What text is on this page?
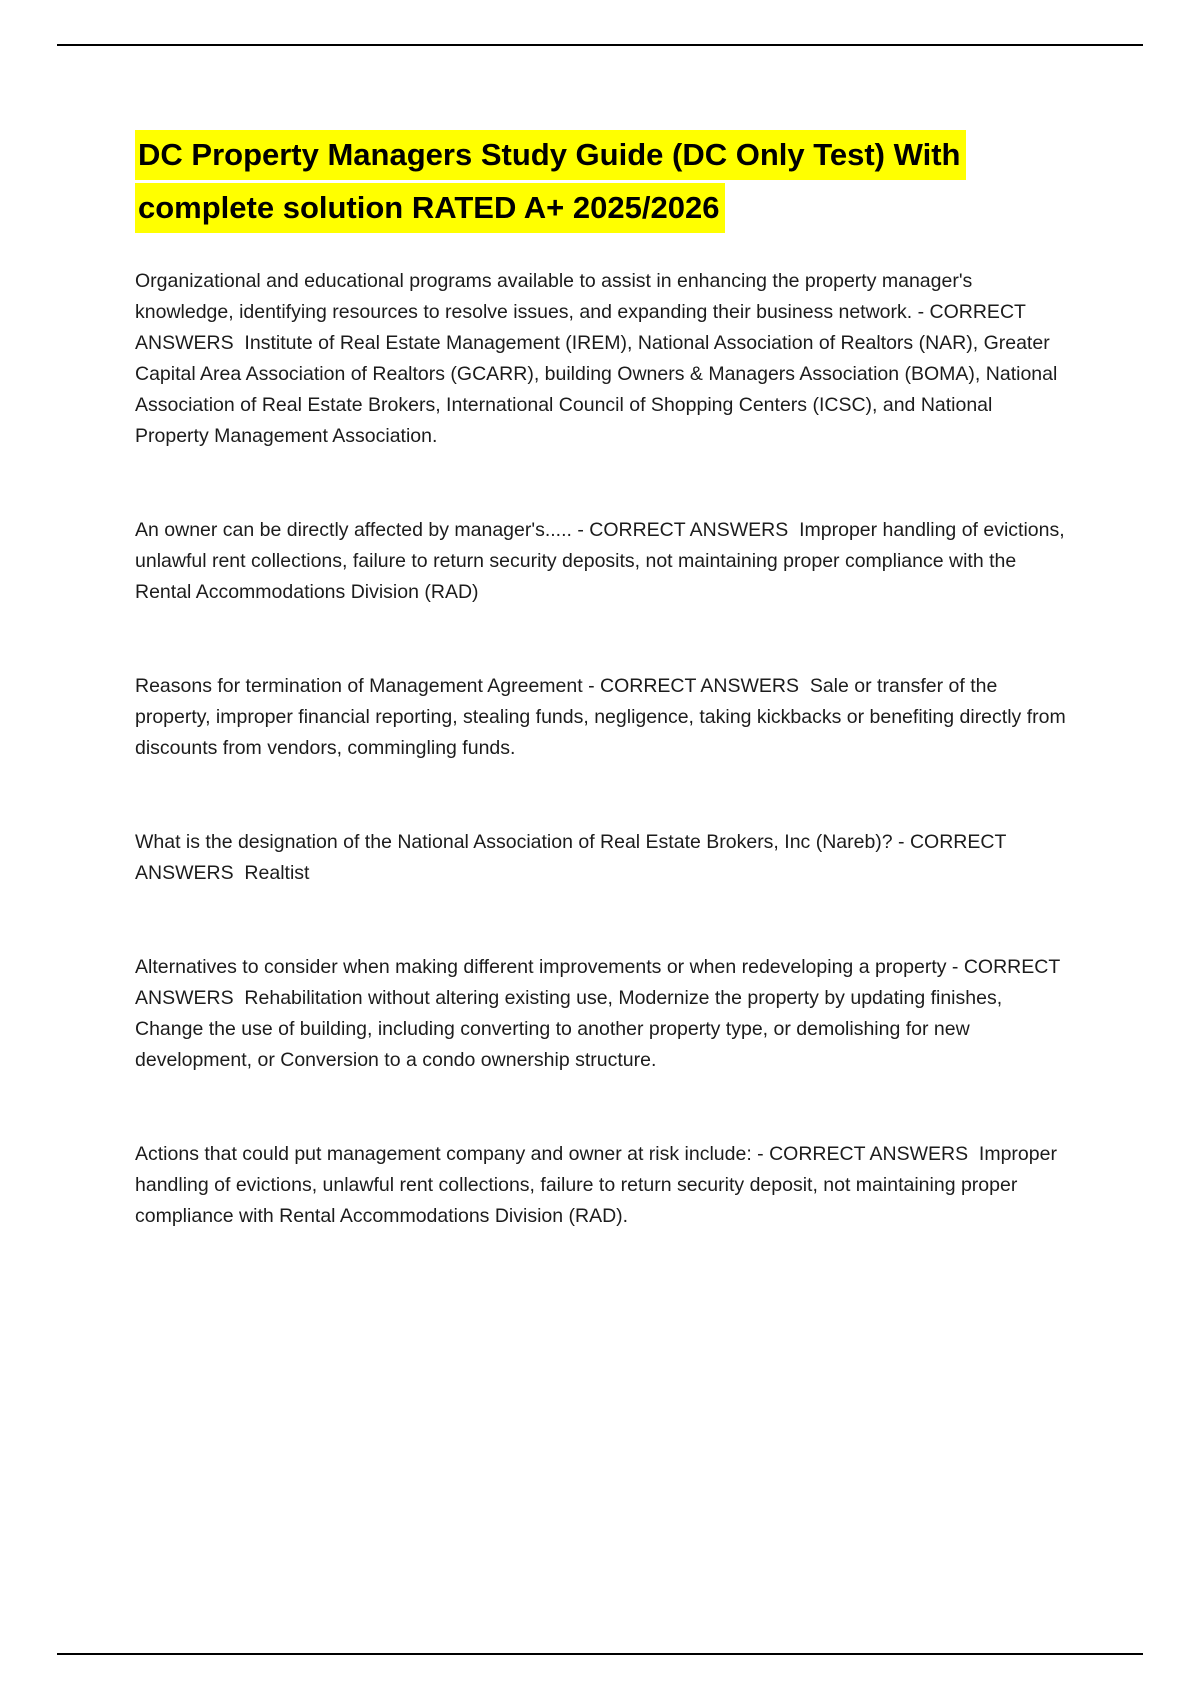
DC Property Managers Study Guide (DC Only Test) With
complete solution RATED A+ 2025/2026

Organizational and educational programs available to assist in enhancing the property manager's knowledge, identifying resources to resolve issues, and expanding their business network. - CORRECT ANSWERS  Institute of Real Estate Management (IREM), National Association of Realtors (NAR), Greater Capital Area Association of Realtors (GCARR), building Owners & Managers Association (BOMA), National Association of Real Estate Brokers, International Council of Shopping Centers (ICSC), and National Property Management Association.

An owner can be directly affected by manager's..... - CORRECT ANSWERS  Improper handling of evictions, unlawful rent collections, failure to return security deposits, not maintaining proper compliance with the Rental Accommodations Division (RAD)

Reasons for termination of Management Agreement - CORRECT ANSWERS  Sale or transfer of the property, improper financial reporting, stealing funds, negligence, taking kickbacks or benefiting directly from discounts from vendors, commingling funds.

What is the designation of the National Association of Real Estate Brokers, Inc (Nareb)? - CORRECT ANSWERS  Realtist

Alternatives to consider when making different improvements or when redeveloping a property - CORRECT ANSWERS  Rehabilitation without altering existing use, Modernize the property by updating finishes, Change the use of building, including converting to another property type, or demolishing for new development, or Conversion to a condo ownership structure.

Actions that could put management company and owner at risk include: - CORRECT ANSWERS  Improper handling of evictions, unlawful rent collections, failure to return security deposit, not maintaining proper compliance with Rental Accommodations Division (RAD).
